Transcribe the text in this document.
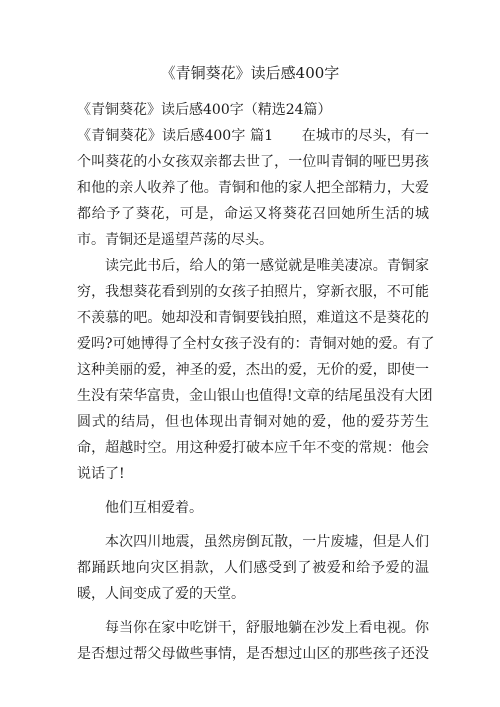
《青铜葵花》读后感400字
《青铜葵花》读后感400字（精选24篇）
《青铜葵花》读后感400字 篇1　　在城市的尽头，有一
个叫葵花的小女孩双亲都去世了，一位叫青铜的哑巴男孩
和他的亲人收养了他。青铜和他的家人把全部精力，大爱
都给予了葵花，可是，命运又将葵花召回她所生活的城
市。青铜还是遥望芦荡的尽头。
读完此书后，给人的第一感觉就是唯美凄凉。青铜家
穷，我想葵花看到别的女孩子拍照片，穿新衣服，不可能
不羡慕的吧。她却没和青铜要钱拍照，难道这不是葵花的
爱吗?可她博得了全村女孩子没有的：青铜对她的爱。有了
这种美丽的爱，神圣的爱，杰出的爱，无价的爱，即使一
生没有荣华富贵，金山银山也值得!文章的结尾虽没有大团
圆式的结局，但也体现出青铜对她的爱，他的爱芬芳生
命，超越时空。用这种爱打破本应千年不变的常规：他会
说话了!
他们互相爱着。
本次四川地震，虽然房倒瓦散，一片废墟，但是人们
都踊跃地向灾区捐款，人们感受到了被爱和给予爱的温
暖，人间变成了爱的天堂。
每当你在家中吃饼干，舒服地躺在沙发上看电视。你
是否想过帮父母做些事情，是否想过山区的那些孩子还没
